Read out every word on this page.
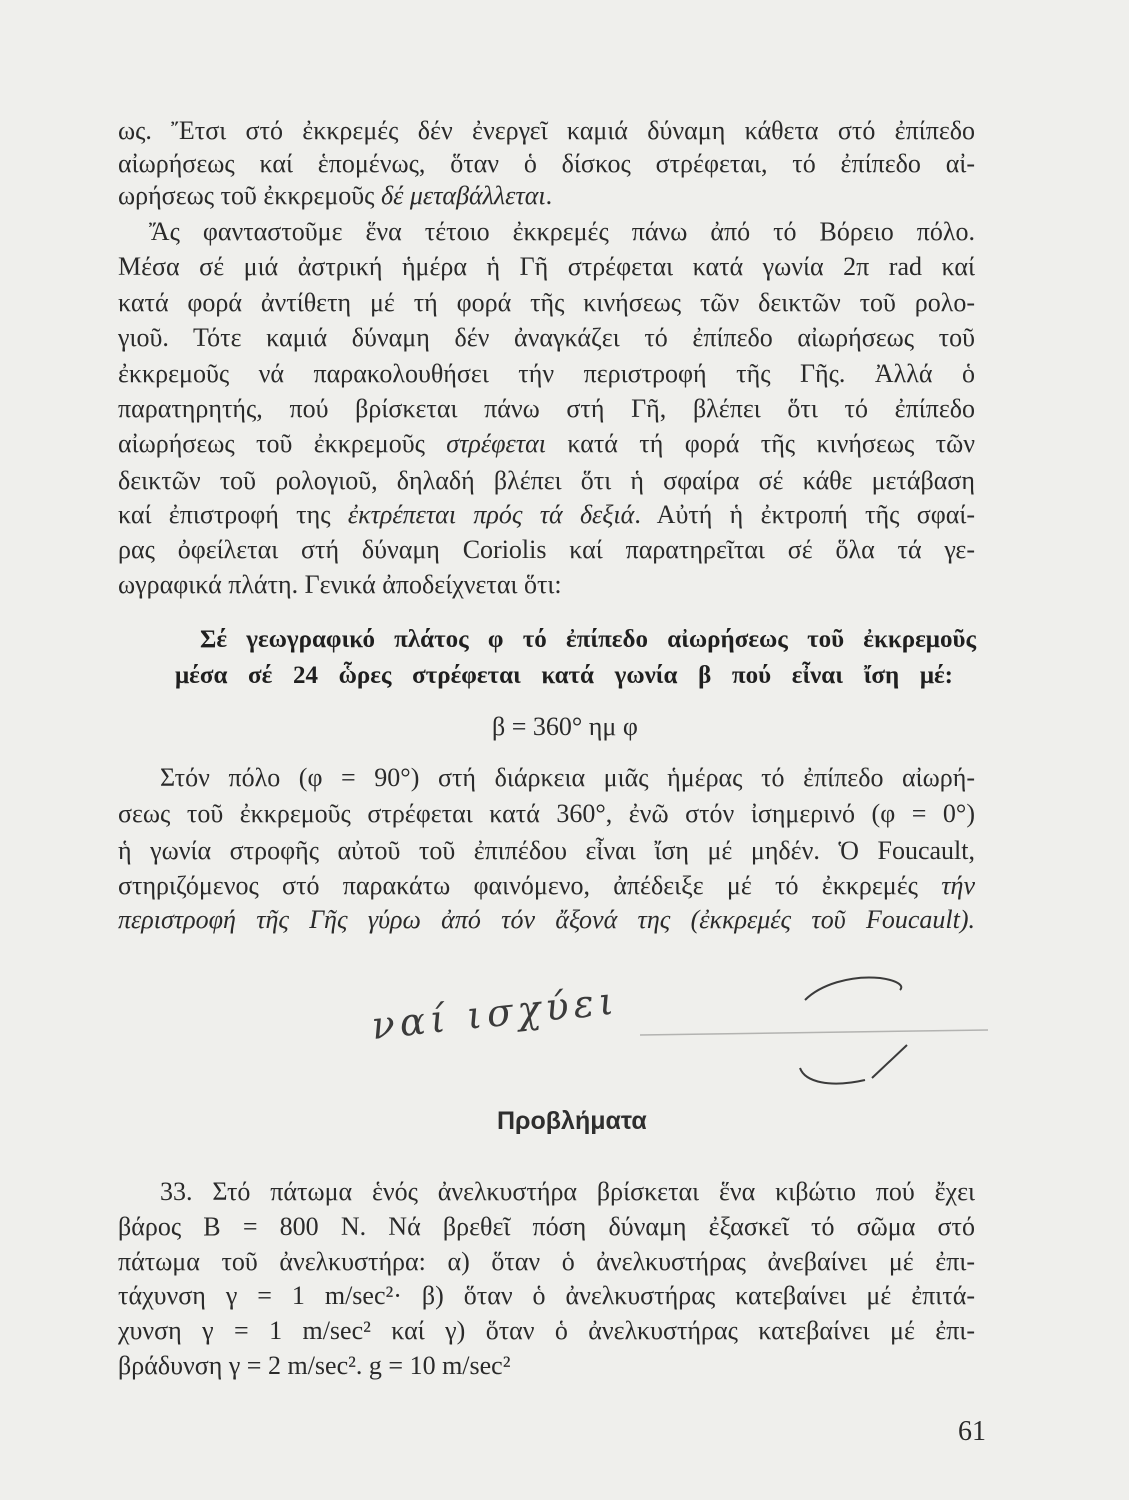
ως. Ἔτσι στό ἐκκρεμές δέν ἐνεργεῖ καμιά δύναμη κάθετα στό ἐπίπεδο
αἰωρήσεως καί ἑπομένως, ὅταν ὁ δίσκος στρέφεται, τό ἐπίπεδο αἰ-
ωρήσεως τοῦ ἐκκρεμοῦς δέ μεταβάλλεται.
Ἄς φανταστοῦμε ἕνα τέτοιο ἐκκρεμές πάνω ἀπό τό Βόρειο πόλο.
Μέσα σέ μιά ἀστρική ἡμέρα ἡ Γῆ στρέφεται κατά γωνία 2π rad καί
κατά φορά ἀντίθετη μέ τή φορά τῆς κινήσεως τῶν δεικτῶν τοῦ ρολο-
γιοῦ. Τότε καμιά δύναμη δέν ἀναγκάζει τό ἐπίπεδο αἰωρήσεως τοῦ
ἐκκρεμοῦς νά παρακολουθήσει τήν περιστροφή τῆς Γῆς. Ἀλλά ὁ
παρατηρητής, πού βρίσκεται πάνω στή Γῆ, βλέπει ὅτι τό ἐπίπεδο
αἰωρήσεως τοῦ ἐκκρεμοῦς στρέφεται κατά τή φορά τῆς κινήσεως τῶν
δεικτῶν τοῦ ρολογιοῦ, δηλαδή βλέπει ὅτι ἡ σφαίρα σέ κάθε μετάβαση
καί ἐπιστροφή της ἐκτρέπεται πρός τά δεξιά. Αὐτή ἡ ἐκτροπή τῆς σφαί-
ρας ὀφείλεται στή δύναμη Coriolis καί παρατηρεῖται σέ ὅλα τά γε-
ωγραφικά πλάτη. Γενικά ἀποδείχνεται ὅτι:
Σέ γεωγραφικό πλάτος φ τό ἐπίπεδο αἰωρήσεως τοῦ ἐκκρεμοῦς
μέσα σέ 24 ὧρες στρέφεται κατά γωνία β πού εἶναι ἴση μέ:
β = 360° ημ φ
Στόν πόλο (φ = 90°) στή διάρκεια μιᾶς ἡμέρας τό ἐπίπεδο αἰωρή-
σεως τοῦ ἐκκρεμοῦς στρέφεται κατά 360°, ἐνῶ στόν ἰσημερινό (φ = 0°)
ἡ γωνία στροφῆς αὐτοῦ τοῦ ἐπιπέδου εἶναι ἴση μέ μηδέν. Ὁ Foucault,
στηριζόμενος στό παρακάτω φαινόμενο, ἀπέδειξε μέ τό ἐκκρεμές τήν
περιστροφή τῆς Γῆς γύρω ἀπό τόν ἄξονά της (ἐκκρεμές τοῦ Foucault).
ναί ισχύει
Προβλήματα
33. Στό πάτωμα ἑνός ἀνελκυστήρα βρίσκεται ἕνα κιβώτιο πού ἔχει
βάρος Β = 800 Ν. Νά βρεθεῖ πόση δύναμη ἐξασκεῖ τό σῶμα στό
πάτωμα τοῦ ἀνελκυστήρα: α) ὅταν ὁ ἀνελκυστήρας ἀνεβαίνει μέ ἐπι-
τάχυνση γ = 1 m/sec²· β) ὅταν ὁ ἀνελκυστήρας κατεβαίνει μέ ἐπιτά-
χυνση γ = 1 m/sec² καί γ) ὅταν ὁ ἀνελκυστήρας κατεβαίνει μέ ἐπι-
βράδυνση γ = 2 m/sec². g = 10 m/sec²
61
